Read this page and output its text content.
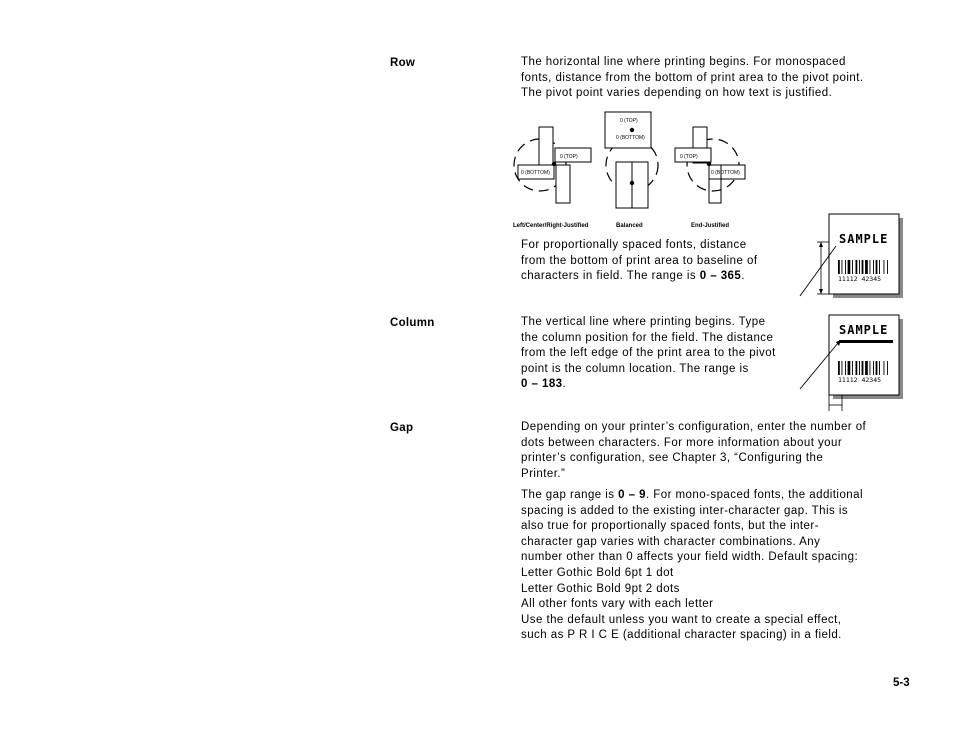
Row
Column
Gap
The horizontal line where printing begins. For monospaced
fonts, distance from the bottom of print area to the pivot point.
The pivot point varies depending on how text is justified.
0 (TOP)
0 (BOTTOM)
Left/Center/Right-Justified
0 (TOP)
0 (BOTTOM)
Balanced
0 (TOP)
0 (BOTTOM)
End-Justified
For proportionally spaced fonts, distance
from the bottom of print area to baseline of
characters in field. The range is 0 – 365.
SAMPLE
11112 42345
The vertical line where printing begins. Type
the column position for the field. The distance
from the left edge of the print area to the pivot
point is the column location. The range is
0 – 183.
SAMPLE
11112 42345
Depending on your printer’s configuration, enter the number of
dots between characters. For more information about your
printer’s configuration, see Chapter 3, “Configuring the
Printer.”
The gap range is 0 – 9. For mono-spaced fonts, the additional
spacing is added to the existing inter-character gap. This is
also true for proportionally spaced fonts, but the inter-
character gap varies with character combinations. Any
number other than 0 affects your field width. Default spacing:
Letter Gothic Bold 6pt 1 dot
Letter Gothic Bold 9pt 2 dots
All other fonts vary with each letter
Use the default unless you want to create a special effect,
such as P R I C E (additional character spacing) in a field.
5-3
